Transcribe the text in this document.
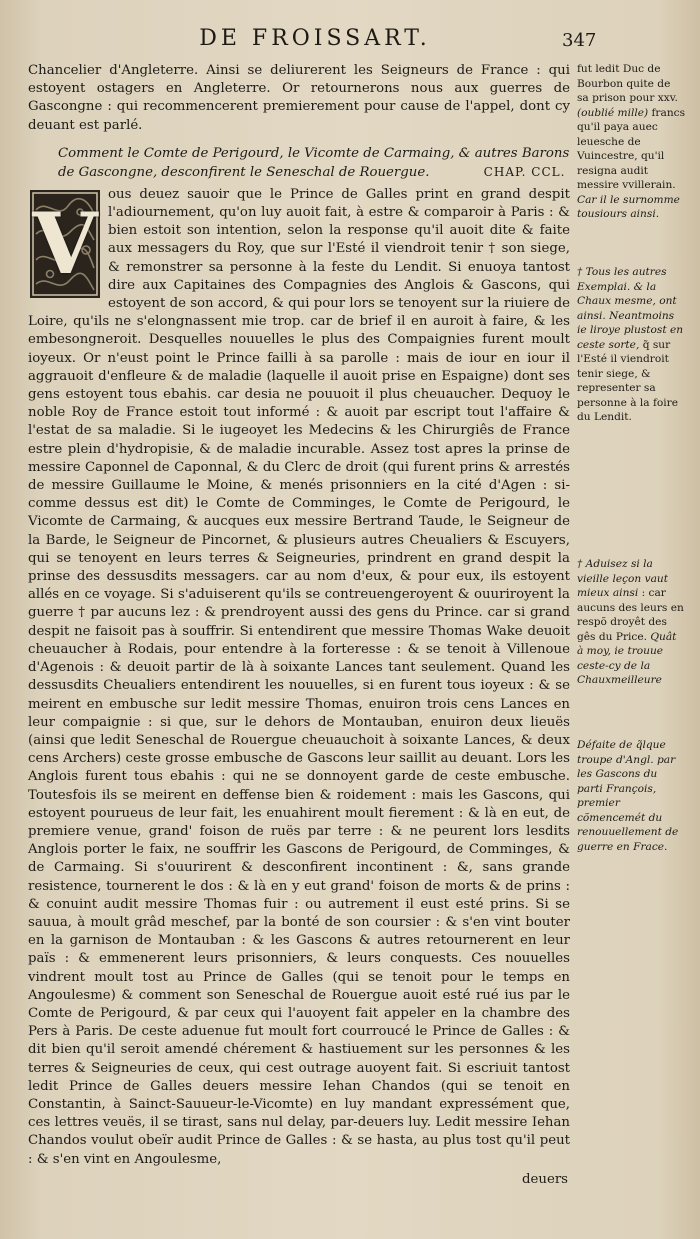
DE FROISSART.	347

Chancelier d'Angleterre. Ainsi se deliurerent les Seigneurs de France : qui estoyent ostagers en Angleterre. Or retournerons nous aux guerres de Gascongne : qui recommencerent premierement pour cause de l'appel, dont cy deuant est parlé.

Comment le Comte de Perigourd, le Vicomte de Carmaing, & autres Barons de Gascongne, desconfirent le Seneschal de Rouergue.	CHAP. CCL.

V ous deuez sauoir que le Prince de Galles print en grand despit l'adiournement, qu'on luy auoit fait, à estre & comparoir à Paris : & bien estoit son intention, selon la response qu'il auoit dite & faite aux messagers du Roy, que sur l'Esté il viendroit tenir † son siege, & remonstrer sa personne à la feste du Lendit. Si enuoya tantost dire aux Capitaines des Compagnies des Anglois & Gascons, qui estoyent de son accord, & qui pour lors se tenoyent sur la riuiere de Loire, qu'ils ne s'elongnassent mie trop. car de brief il en auroit à faire, & les embesongneroit. Desquelles nouuelles le plus des Compaignies furent moult ioyeux. Or n'eust point le Prince failli à sa parolle : mais de iour en iour il aggrauoit d'enfleure & de maladie (laquelle il auoit prise en Espaigne) dont ses gens estoyent tous ebahis. car desia ne pouuoit il plus cheuaucher. Dequoy le noble Roy de France estoit tout informé : & auoit par escript tout l'affaire & l'estat de sa maladie. Si le iugeoyet les Medecins & les Chirurgiês de France estre plein d'hydropisie, & de maladie incurable. Assez tost apres la prinse de messire Caponnel de Caponnal, & du Clerc de droit (qui furent prins & arrestés de messire Guillaume le Moine, & menés prisonniers en la cité d'Agen : si-comme dessus est dit) le Comte de Comminges, le Comte de Perigourd, le Vicomte de Carmaing, & aucques eux messire Bertrand Taude, le Seigneur de la Barde, le Seigneur de Pincornet, & plusieurs autres Cheualiers & Escuyers, qui se tenoyent en leurs terres & Seigneuries, prindrent en grand despit la prinse des dessusdits messagers. car au nom d'eux, & pour eux, ils estoyent allés en ce voyage. Si s'aduiserent qu'ils se contreuengeroyent & ouuriroyent la guerre † par aucuns lez : & prendroyent aussi des gens du Prince. car si grand despit ne faisoit pas à souffrir. Si entendirent que messire Thomas Wake deuoit cheuaucher à Rodais, pour entendre à la forteresse : & se tenoit à Villenoue d'Agenois : & deuoit partir de là à soixante Lances tant seulement. Quand les dessusdits Cheualiers entendirent les nouuelles, si en furent tous ioyeux : & se meirent en embusche sur ledit messire Thomas, enuiron trois cens Lances en leur compaignie : si que, sur le dehors de Montauban, enuiron deux lieuës (ainsi que ledit Seneschal de Rouergue cheuauchoit à soixante Lances, & deux cens Archers) ceste grosse embusche de Gascons leur saillit au deuant. Lors les Anglois furent tous ebahis : qui ne se donnoyent garde de ceste embusche. Toutesfois ils se meirent en deffense bien & roidement : mais les Gascons, qui estoyent pourueus de leur fait, les enuahirent moult fierement : & là en eut, de premiere venue, grand' foison de ruës par terre : & ne peurent lors lesdits Anglois porter le faix, ne souffrir les Gascons de Perigourd, de Comminges, & de Carmaing. Si s'ouurirent & desconfirent incontinent : &, sans grande resistence, tournerent le dos : & là en y eut grand' foison de morts & de prins : & conuint audit messire Thomas fuir : ou autrement il eust esté prins. Si se sauua, à moult grâd meschef, par la bonté de son coursier : & s'en vint bouter en la garnison de Montauban : & les Gascons & autres retournerent en leur païs : & emmenerent leurs prisonniers, & leurs conquests. Ces nouuelles vindrent moult tost au Prince de Galles (qui se tenoit pour le temps en Angoulesme) & comment son Seneschal de Rouergue auoit esté rué ius par le Comte de Perigourd, & par ceux qui l'auoyent fait appeler en la chambre des Pers à Paris. De ceste aduenue fut moult fort courroucé le Prince de Galles : & dit bien qu'il seroit amendé chérement & hastiuement sur les personnes & les terres & Seigneuries de ceux, qui cest outrage auoyent fait. Si escriuit tantost ledit Prince de Galles deuers messire Iehan Chandos (qui se tenoit en Constantin, à Sainct-Sauueur-le-Vicomte) en luy mandant expressément que, ces lettres veuës, il se tirast, sans nul delay, par-deuers luy. Ledit messire Iehan Chandos voulut obeïr audit Prince de Galles : & se hasta, au plus tost qu'il peut : & s'en vint en Angoulesme,

deuers

fut ledit Duc de Bourbon quite de sa prison pour xxv. (oublié mille) francs qu'il paya auec leuesche de Vuincestre, qu'il resigna audit messire vvillerain. Car il le surnomme tousiours ainsi.
† Tous les autres Exemplai. & la Chaux mesme, ont ainsi. Neantmoins ie liroye plustost en ceste sorte, q̃ sur l'Esté il viendroit tenir siege, & representer sa personne à la foire du Lendit.
† Aduisez si la vieille leçon vaut mieux ainsi : car aucuns des leurs en respõ droyêt des gês du Price. Quât à moy, ie trouue ceste-cy de la Chauxmeilleure
Défaite de q̃lque troupe d'Angl. par les Gascons du parti François, premier cõmencemét du renouuellement de guerre en Frace.
